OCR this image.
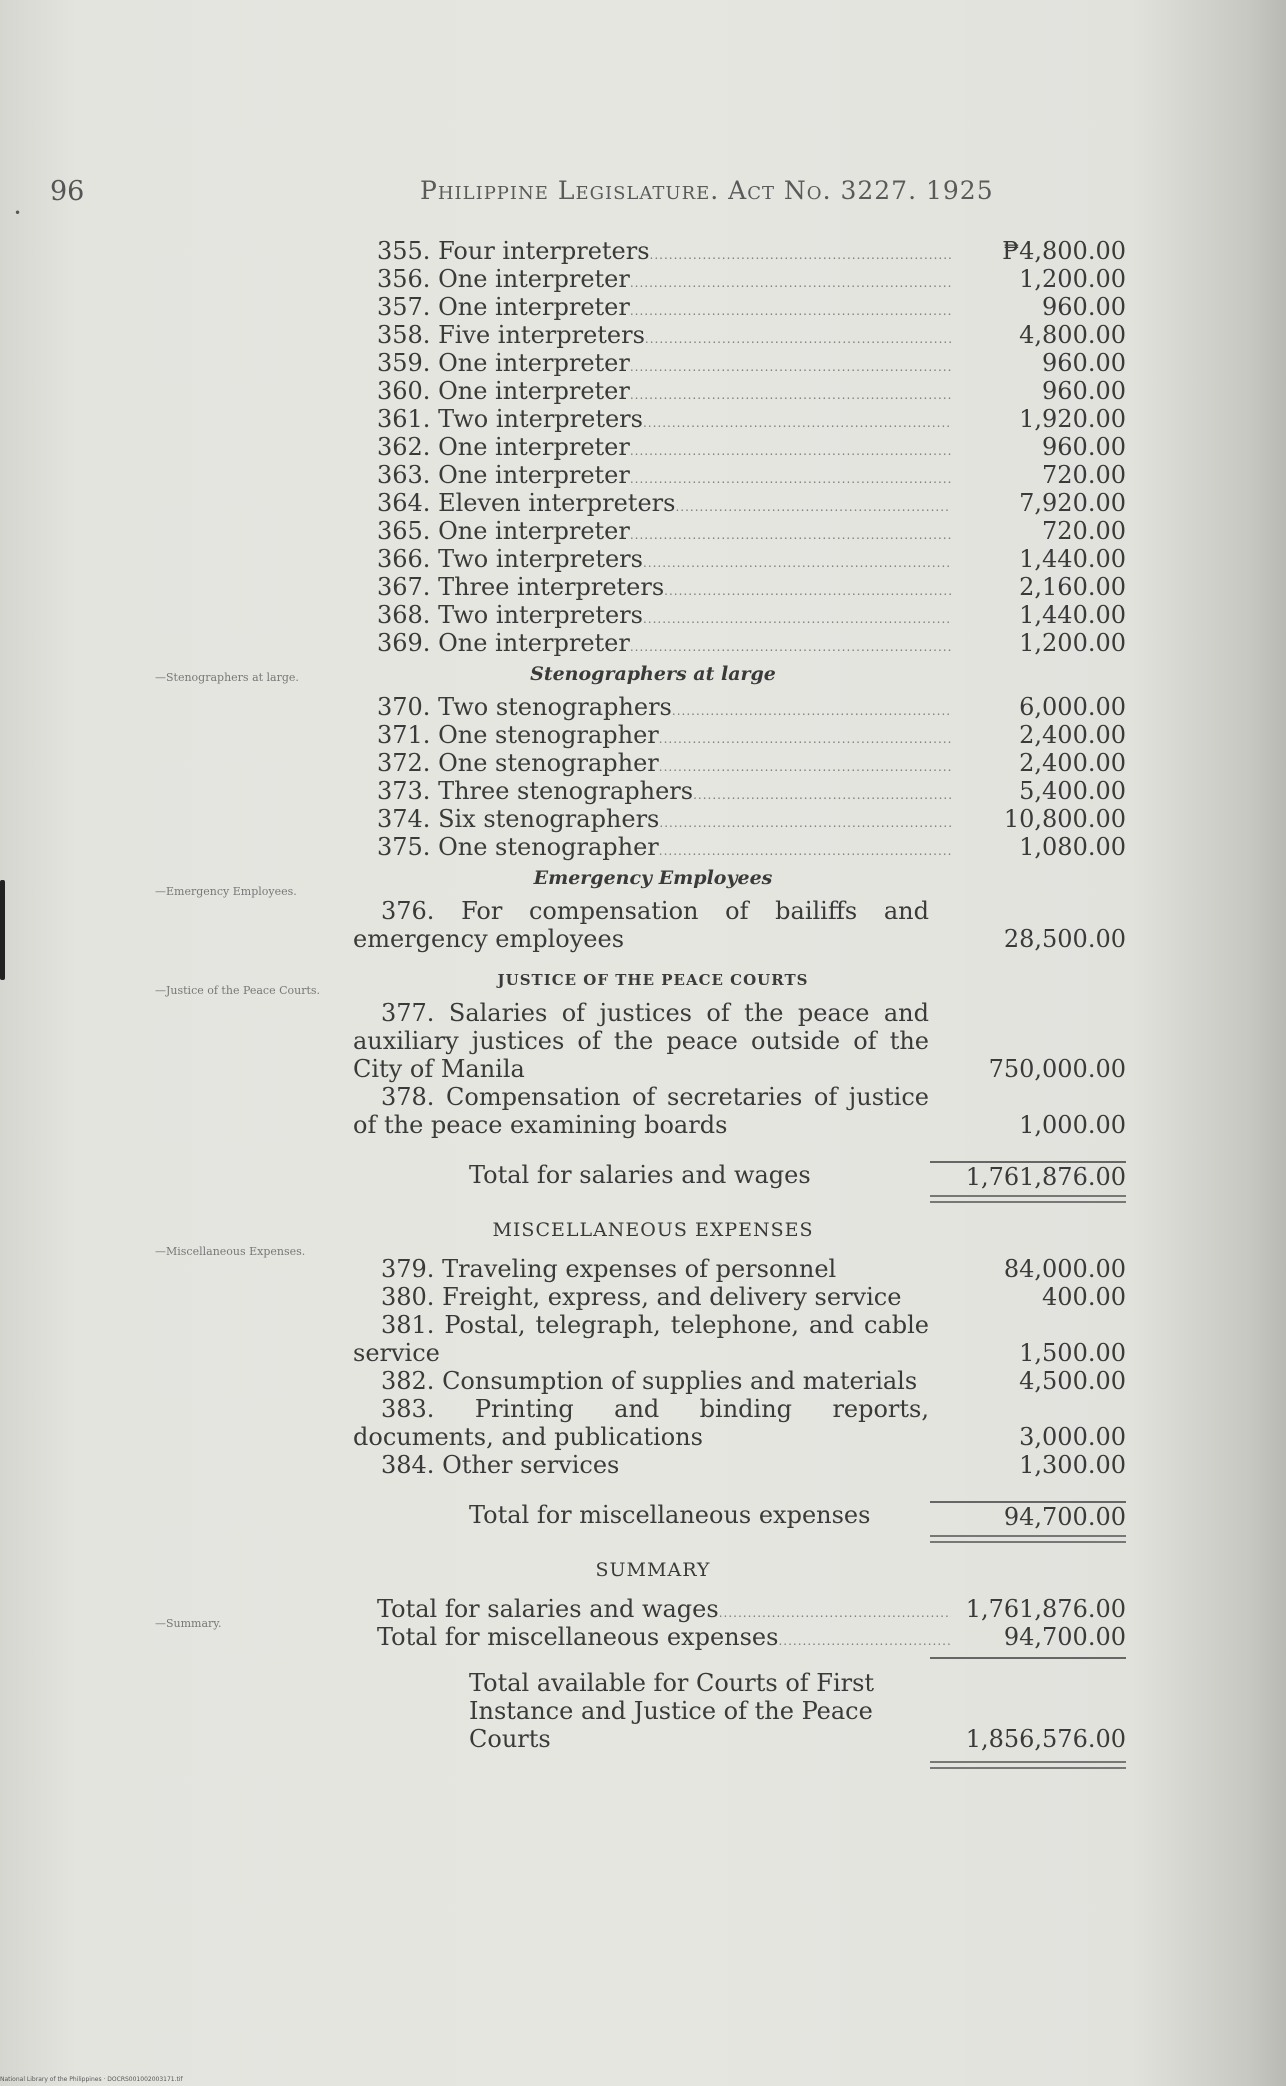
96
•
Philippine Legislature. Act No. 3227. 1925
—Stenographers at large.
—Emergency Employees.
—Justice of the Peace Courts.
—Miscellaneous Expenses.
—Summary.
355. Four interpreters .....	₱4,800.00
356. One interpreter .....	1,200.00
357. One interpreter .....	960.00
358. Five interpreters .....	4,800.00
359. One interpreter .....	960.00
360. One interpreter .....	960.00
361. Two interpreters .....	1,920.00
362. One interpreter .....	960.00
363. One interpreter .....	720.00
364. Eleven interpreters .....	7,920.00
365. One interpreter .....	720.00
366. Two interpreters .....	1,440.00
367. Three interpreters .....	2,160.00
368. Two interpreters .....	1,440.00
369. One interpreter .....	1,200.00
Stenographers at large
370. Two stenographers .....	6,000.00
371. One stenographer .....	2,400.00
372. One stenographer .....	2,400.00
373. Three stenographers .....	5,400.00
374. Six stenographers .....	10,800.00
375. One stenographer .....	1,080.00
Emergency Employees
376. For compensation of bailiffs and emergency employees	28,500.00
JUSTICE OF THE PEACE COURTS
377. Salaries of justices of the peace and auxiliary justices of the peace outside of the City of Manila	750,000.00
378. Compensation of secretaries of justice of the peace examining boards	1,000.00
Total for salaries and wages	1,761,876.00
MISCELLANEOUS EXPENSES
379. Traveling expenses of personnel	84,000.00
380. Freight, express, and delivery service	400.00
381. Postal, telegraph, telephone, and cable service	1,500.00
382. Consumption of supplies and materials	4,500.00
383. Printing and binding reports, documents, and publications	3,000.00
384. Other services	1,300.00
Total for miscellaneous expenses	94,700.00
SUMMARY
Total for salaries and wages .....	1,761,876.00
Total for miscellaneous expenses .....	94,700.00
Total available for Courts of First Instance and Justice of the Peace Courts	1,856,576.00
National Library of the Philippines · DOCRS001002003171.tif
